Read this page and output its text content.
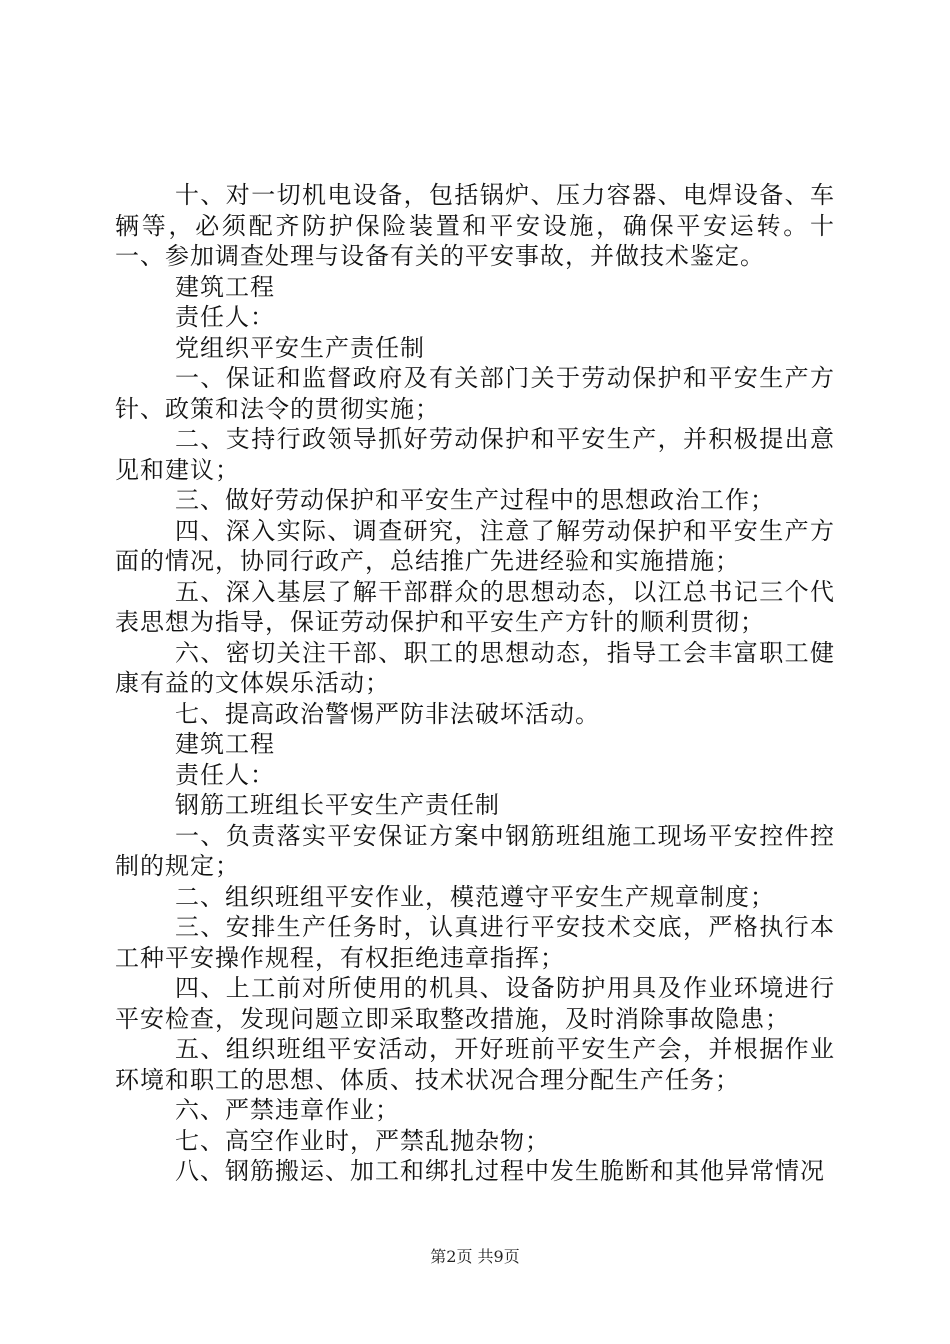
十、对一切机电设备，包括锅炉、压力容器、电焊设备、车辆等，必须配齐防护保险装置和平安设施，确保平安运转。十一、参加调查处理与设备有关的平安事故，并做技术鉴定。

建筑工程

责任人：

党组织平安生产责任制

一、保证和监督政府及有关部门关于劳动保护和平安生产方针、政策和法令的贯彻实施；

二、支持行政领导抓好劳动保护和平安生产，并积极提出意见和建议；

三、做好劳动保护和平安生产过程中的思想政治工作；

四、深入实际、调查研究，注意了解劳动保护和平安生产方面的情况，协同行政产，总结推广先进经验和实施措施；

五、深入基层了解干部群众的思想动态，以江总书记三个代表思想为指导，保证劳动保护和平安生产方针的顺利贯彻；

六、密切关注干部、职工的思想动态，指导工会丰富职工健康有益的文体娱乐活动；

七、提高政治警惕严防非法破坏活动。

建筑工程

责任人：

钢筋工班组长平安生产责任制

一、负责落实平安保证方案中钢筋班组施工现场平安控件控制的规定；

二、组织班组平安作业，模范遵守平安生产规章制度；

三、安排生产任务时，认真进行平安技术交底，严格执行本工种平安操作规程，有权拒绝违章指挥；

四、上工前对所使用的机具、设备防护用具及作业环境进行平安检查，发现问题立即采取整改措施，及时消除事故隐患；

五、组织班组平安活动，开好班前平安生产会，并根据作业环境和职工的思想、体质、技术状况合理分配生产任务；

六、严禁违章作业；

七、高空作业时，严禁乱抛杂物；

八、钢筋搬运、加工和绑扎过程中发生脆断和其他异常情况

第2页 共9页
